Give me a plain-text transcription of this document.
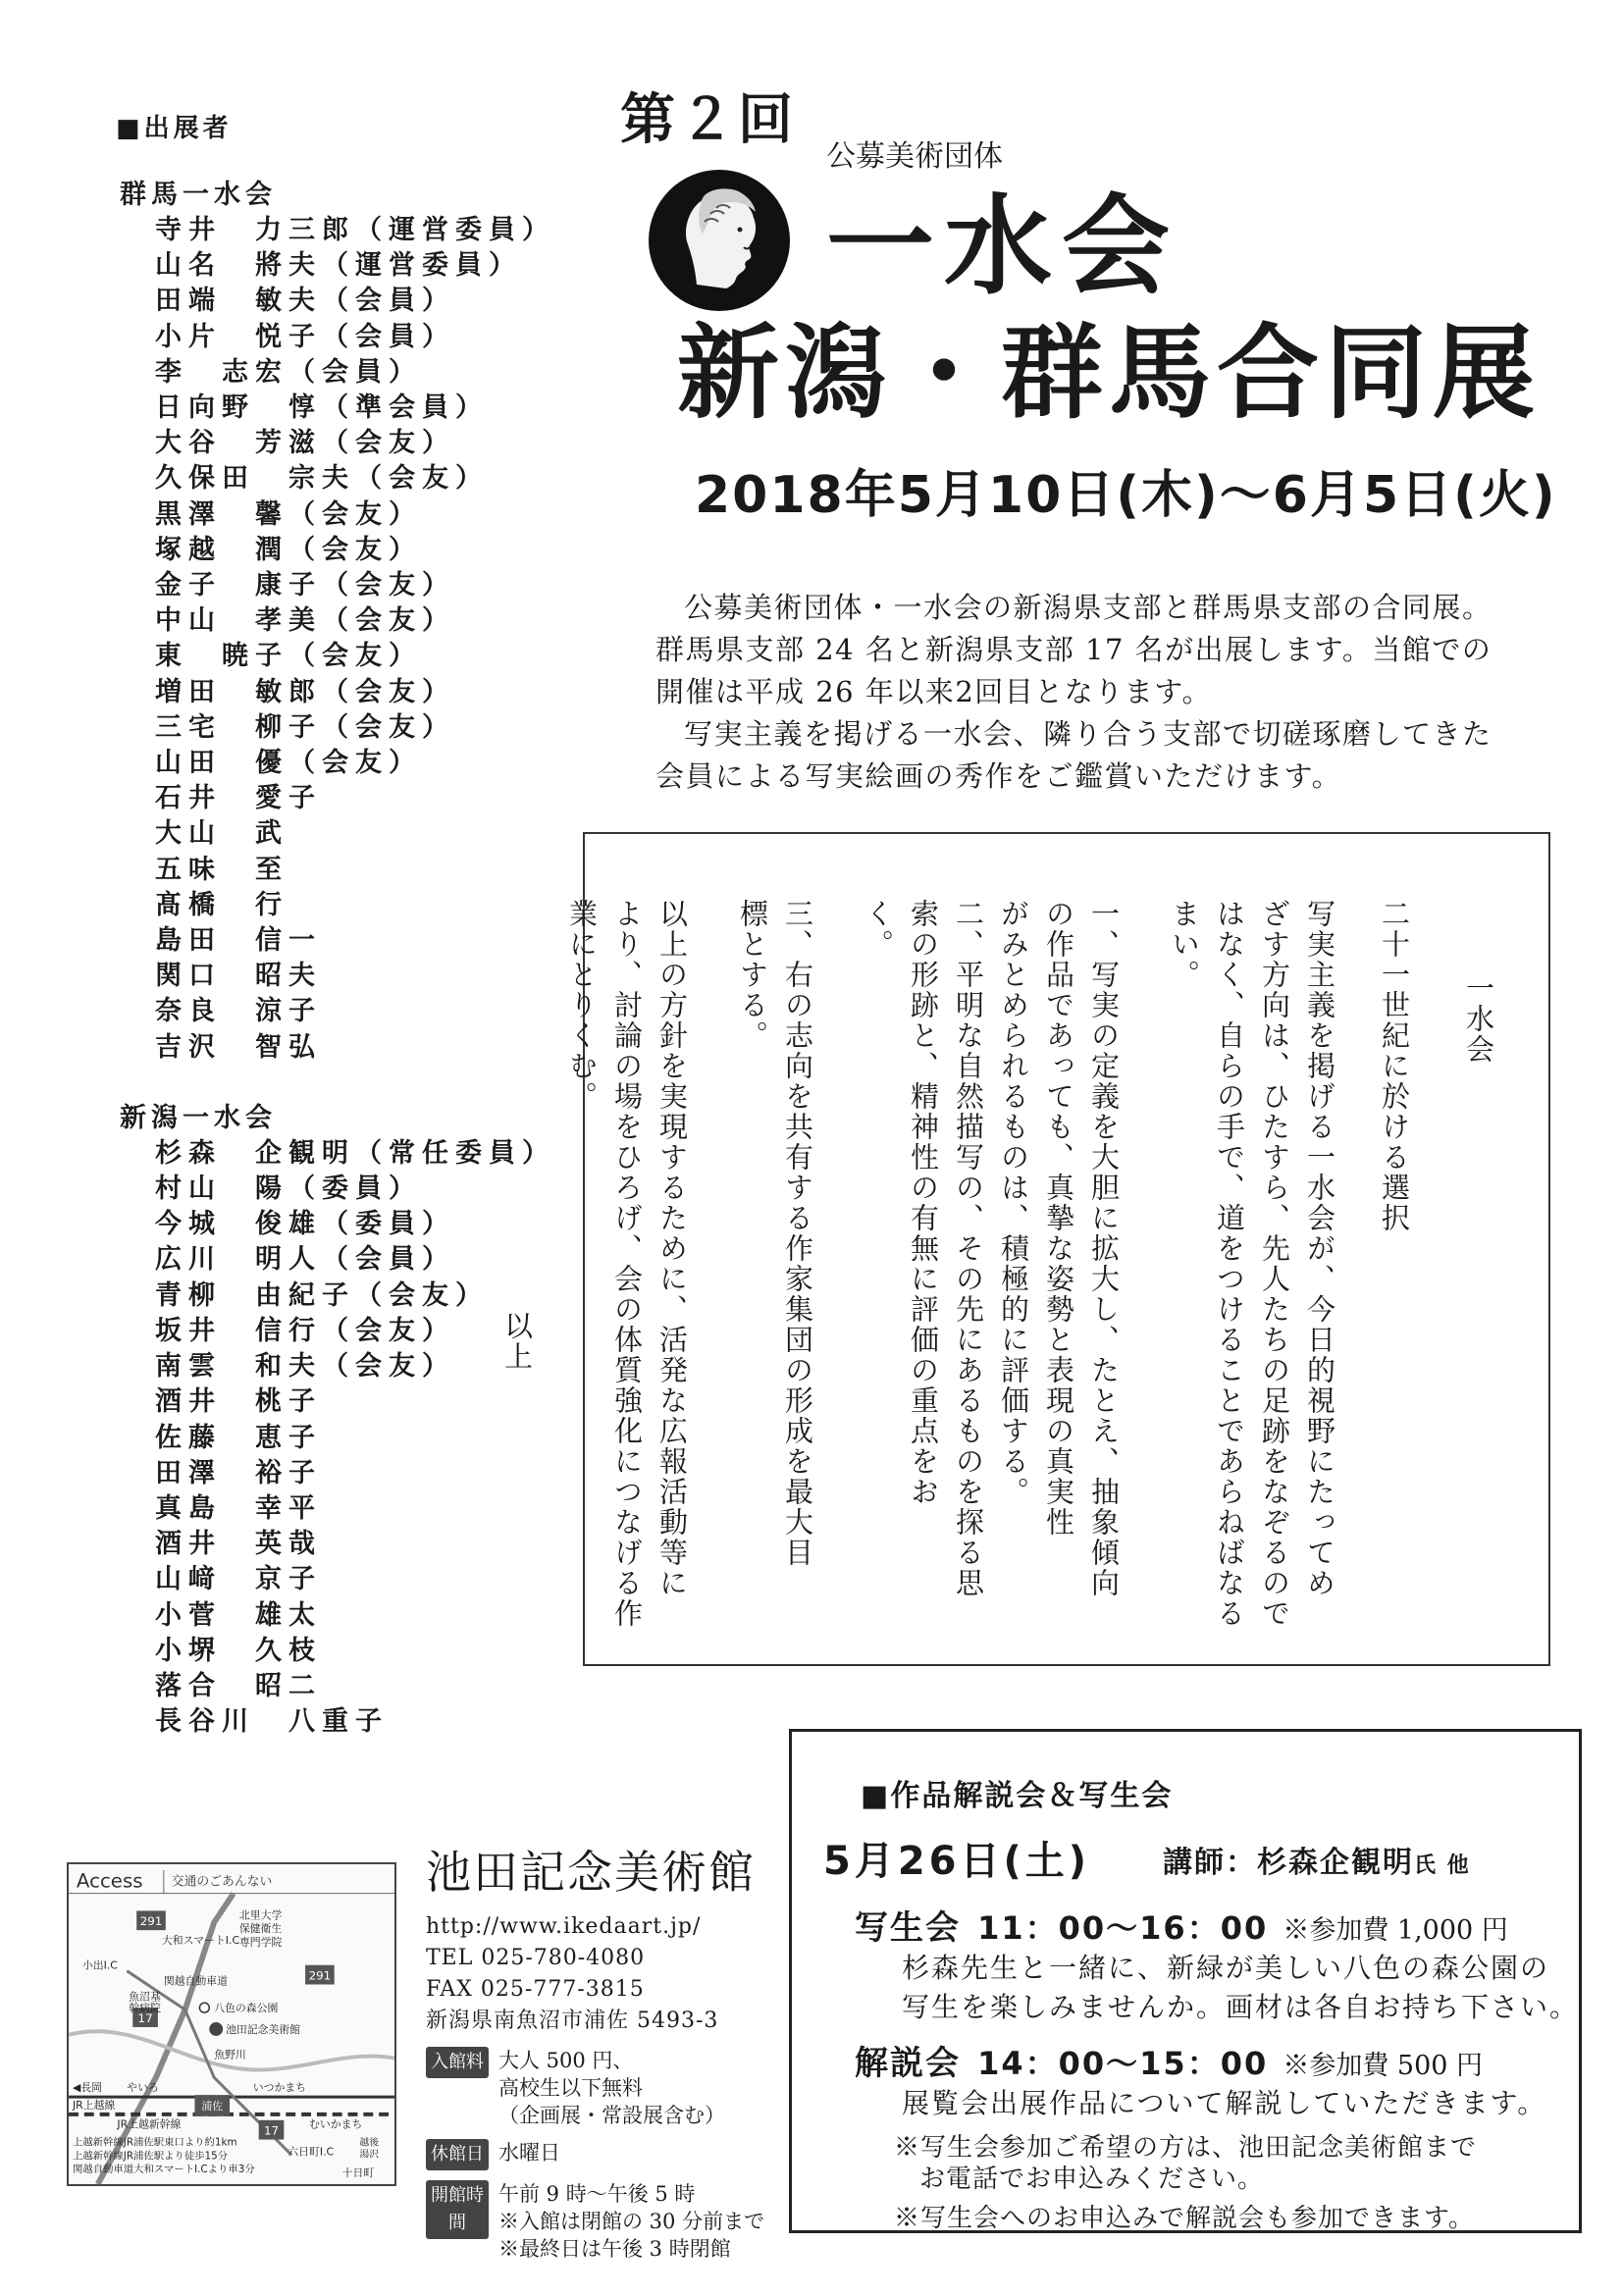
第２回
公募美術団体
一水会
新潟・群馬合同展
2018年5月10日(木)～6月5日(火)

公募美術団体・一水会の新潟県支部と群馬県支部の合同展。群馬県支部 24 名と新潟県支部 17 名が出展します。当館での開催は平成 26 年以来2回目となります。

写実主義を掲げる一水会、隣り合う支部で切磋琢磨してきた会員による写実絵画の秀作をご鑑賞いただけます。

一水会
二十一世紀に於ける選択
写実主義を掲げる一水会が、今日的視野にたってめ
ざす方向は、ひたすら、先人たちの足跡をなぞるので
はなく、自らの手で、道をつけることであらねばなる
まい。
一、写実の定義を大胆に拡大し、たとえ、抽象傾向
の作品であっても、真摯な姿勢と表現の真実性
がみとめられるものは、積極的に評価する。
二、平明な自然描写の、その先にあるものを探る思
索の形跡と、精神性の有無に評価の重点をお
く。
三、右の志向を共有する作家集団の形成を最大目
標とする。
以上の方針を実現するために、活発な広報活動等に
より、討論の場をひろげ、会の体質強化につなげる作
業にとりくむ。
以上
■出展者
群馬一水会
寺井　力三郎（運営委員）
山名　將夫（運営委員）
田端　敏夫（会員）
小片　悦子（会員）
李　志宏（会員）
日向野　惇（準会員）
大谷　芳滋（会友）
久保田　宗夫（会友）
黒澤　馨（会友）
塚越　潤（会友）
金子　康子（会友）
中山　孝美（会友）
東　暁子（会友）
増田　敏郎（会友）
三宅　柳子（会友）
山田　優（会友）
石井　愛子
大山　武
五味　至
髙橋　行
島田　信一
関口　昭夫
奈良　涼子
吉沢　智弘
新潟一水会
杉森　企観明（常任委員）
村山　陽（委員）
今城　俊雄（委員）
広川　明人（会員）
青柳　由紀子（会友）
坂井　信行（会友）
南雲　和夫（会友）
酒井　桃子
佐藤　恵子
田澤　裕子
真島　幸平
酒井　英哉
山﨑　京子
小菅　雄太
小堺　久枝
落合　昭二
長谷川　八重子
Access 交通のごあんない
291
291
17
17
小出I.C
大和スマートI.C
関越自動車道
北里大学
保健衛生
専門学院
魚沼基
幹病院	八色の森公園
池田記念美術館
魚野川
◀長岡 やいろ	いつかまち
JR上越線
JR上越新幹線
浦佐
むいかまち
六日町I.C
越後
湯沢
十日町
上越新幹線JR浦佐駅東口より約1km
上越新幹線JR浦佐駅より徒歩15分
関越自動車道大和スマートI.Cより車3分
池田記念美術館
http://www.ikedaart.jp/
TEL 025-780-4080
FAX 025-777-3815
新潟県南魚沼市浦佐 5493-3
入館料 大人 500 円、
高校生以下無料
（企画展・常設展含む）
休館日 水曜日
開館時間
午前 9 時～午後 5 時
※入館は閉館の 30 分前まで
※最終日は午後 3 時閉館
■作品解説会＆写生会
5月26日(土) 講師：杉森企観明氏 他
写生会 11：00～16：00 ※参加費 1,000 円
杉森先生と一緒に、新緑が美しい八色の森公園の
写生を楽しみませんか。画材は各自お持ち下さい。
解説会 14：00～15：00 ※参加費 500 円
展覧会出展作品について解説していただきます。
※写生会参加ご希望の方は、池田記念美術館まで
お電話でお申込みください。
※写生会へのお申込みで解説会も参加できます。
